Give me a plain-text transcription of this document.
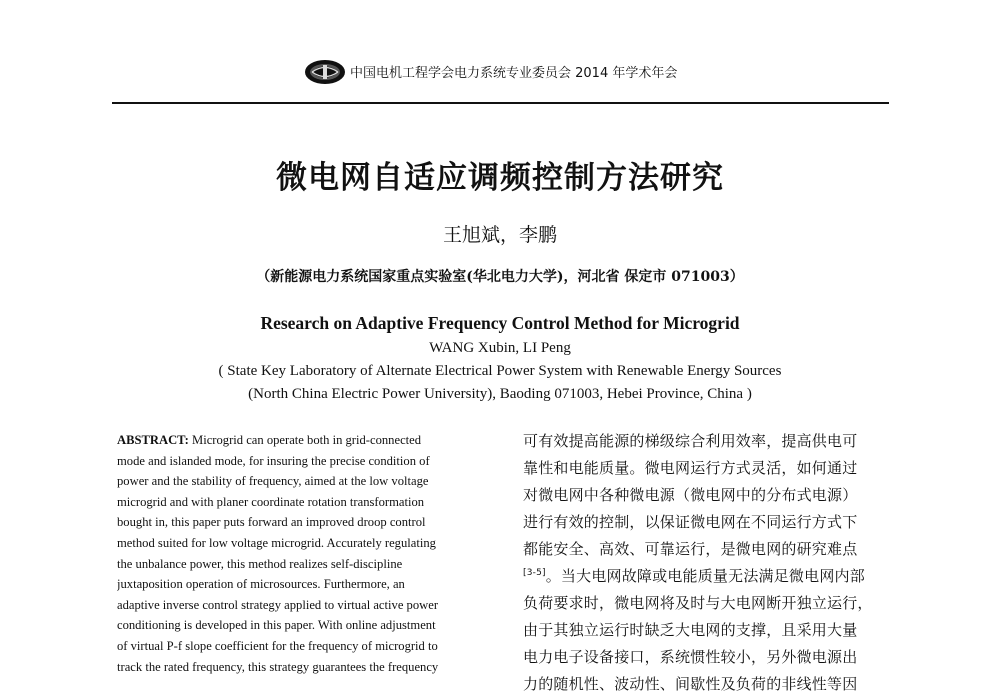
中国电机工程学会电力系统专业委员会 2014 年学术年会
微电网自适应调频控制方法研究
王旭斌，李鹏
（新能源电力系统国家重点实验室(华北电力大学)，河北省 保定市 071003）
Research on Adaptive Frequency Control Method for Microgrid
WANG Xubin, LI Peng
( State Key Laboratory of Alternate Electrical Power System with Renewable Energy Sources
(North China Electric Power University), Baoding 071003, Hebei Province, China )
ABSTRACT: Microgrid can operate both in grid-connected
mode and islanded mode, for insuring the precise condition of
power and the stability of frequency, aimed at the low voltage
microgrid and with planer coordinate rotation transformation
bought in, this paper puts forward an improved droop control
method suited for low voltage microgrid. Accurately regulating
the unbalance power, this method realizes self-discipline
juxtaposition operation of microsources. Furthermore, an
adaptive inverse control strategy applied to virtual active power
conditioning is developed in this paper. With online adjustment
of virtual P-f slope coefficient for the frequency of microgrid to
track the rated frequency, this strategy guarantees the frequency
可有效提高能源的梯级综合利用效率，提高供电可
靠性和电能质量。微电网运行方式灵活，如何通过
对微电网中各种微电源（微电网中的分布式电源）
进行有效的控制，以保证微电网在不同运行方式下
都能安全、高效、可靠运行，是微电网的研究难点
[3-5]。当大电网故障或电能质量无法满足微电网内部
负荷要求时，微电网将及时与大电网断开独立运行，
由于其独立运行时缺乏大电网的支撑，且采用大量
电力电子设备接口，系统惯性较小，另外微电源出
力的随机性、波动性、间歇性及负荷的非线性等因
